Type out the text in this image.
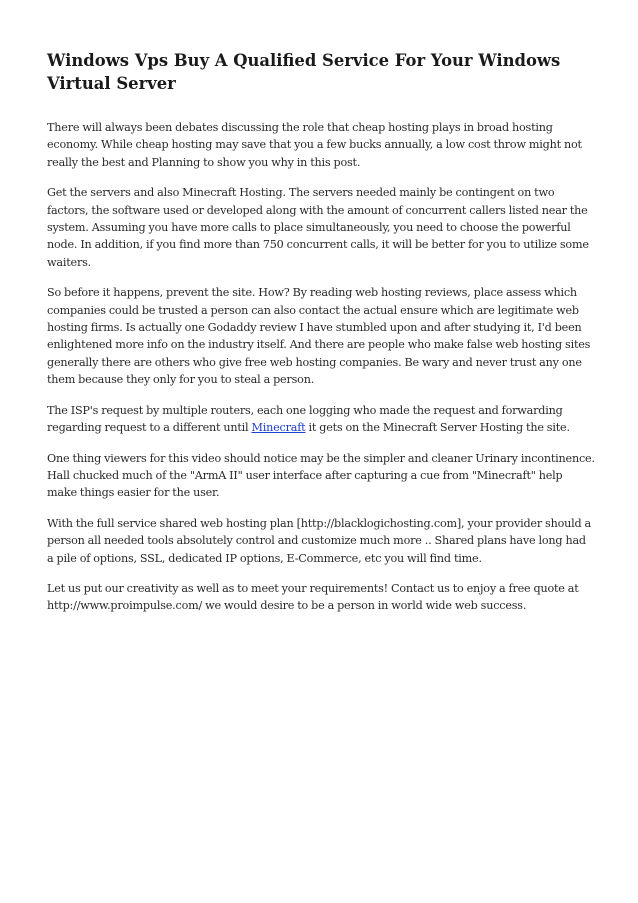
Windows Vps Buy A Qualified Service For Your Windows Virtual Server

There will always been debates discussing the role that cheap hosting plays in broad hosting economy. While cheap hosting may save that you a few bucks annually, a low cost throw might not really the best and Planning to show you why in this post.

Get the servers and also Minecraft Hosting. The servers needed mainly be contingent on two factors, the software used or developed along with the amount of concurrent callers listed near the system. Assuming you have more calls to place simultaneously, you need to choose the powerful node. In addition, if you find more than 750 concurrent calls, it will be better for you to utilize some waiters.

So before it happens, prevent the site. How? By reading web hosting reviews, place assess which companies could be trusted a person can also contact the actual ensure which are legitimate web hosting firms. Is actually one Godaddy review I have stumbled upon and after studying it, I'd been enlightened more info on the industry itself. And there are people who make false web hosting sites generally there are others who give free web hosting companies. Be wary and never trust any one them because they only for you to steal a person.

The ISP's request by multiple routers, each one logging who made the request and forwarding regarding request to a different until Minecraft it gets on the Minecraft Server Hosting the site.

One thing viewers for this video should notice may be the simpler and cleaner Urinary incontinence. Hall chucked much of the "ArmA II" user interface after capturing a cue from "Minecraft" help make things easier for the user.

With the full service shared web hosting plan [http://blacklogichosting.com], your provider should a person all needed tools absolutely control and customize much more .. Shared plans have long had a pile of options, SSL, dedicated IP options, E-Commerce, etc you will find time.

Let us put our creativity as well as to meet your requirements! Contact us to enjoy a free quote at http://www.proimpulse.com/ we would desire to be a person in world wide web success.
